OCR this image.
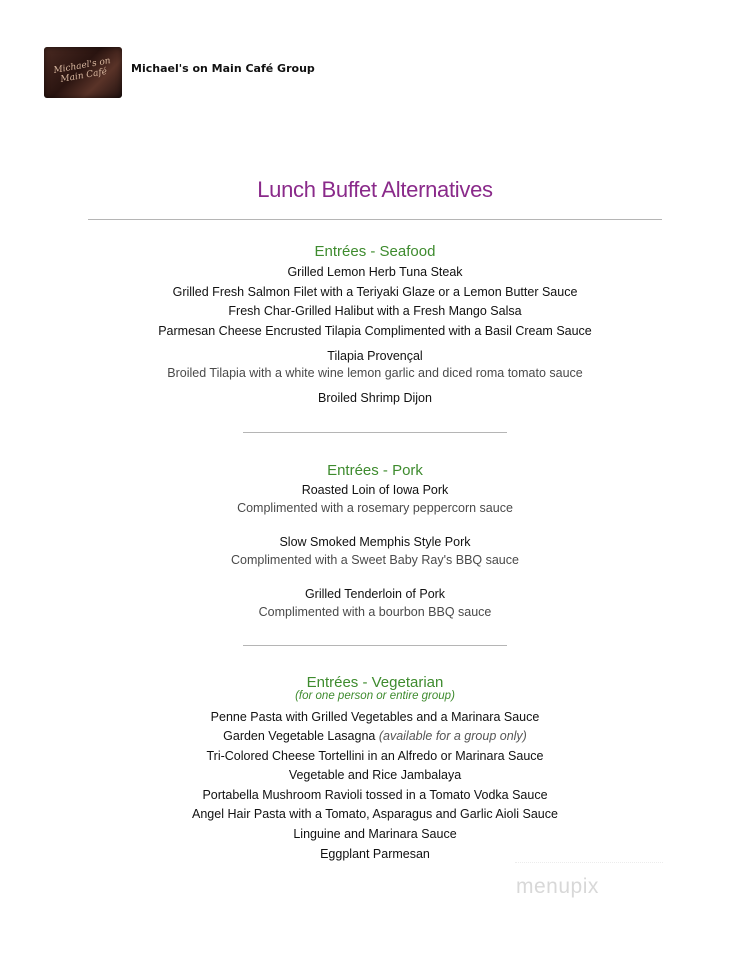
Michael's on Main Café	Michael's on Main Café Group
Lunch Buffet Alternatives
Entrées - Seafood
Grilled Lemon Herb Tuna Steak
Grilled Fresh Salmon Filet with a Teriyaki Glaze or a Lemon Butter Sauce
Fresh Char-Grilled Halibut with a Fresh Mango Salsa
Parmesan Cheese Encrusted Tilapia Complimented with a Basil Cream Sauce
Tilapia Provençal
Broiled Tilapia with a white wine lemon garlic and diced roma tomato sauce
Broiled Shrimp Dijon
Entrées - Pork
Roasted Loin of Iowa Pork
Complimented with a rosemary peppercorn sauce
Slow Smoked Memphis Style Pork
Complimented with a Sweet Baby Ray's BBQ sauce
Grilled Tenderloin of Pork
Complimented with a bourbon BBQ sauce
Entrées - Vegetarian
(for one person or entire group)
Penne Pasta with Grilled Vegetables and a Marinara Sauce
Garden Vegetable Lasagna (available for a group only)
Tri-Colored Cheese Tortellini in an Alfredo or Marinara Sauce
Vegetable and Rice Jambalaya
Portabella Mushroom Ravioli tossed in a Tomato Vodka Sauce
Angel Hair Pasta with a Tomato, Asparagus and Garlic Aioli Sauce
Linguine and Marinara Sauce
Eggplant Parmesan
menupix
